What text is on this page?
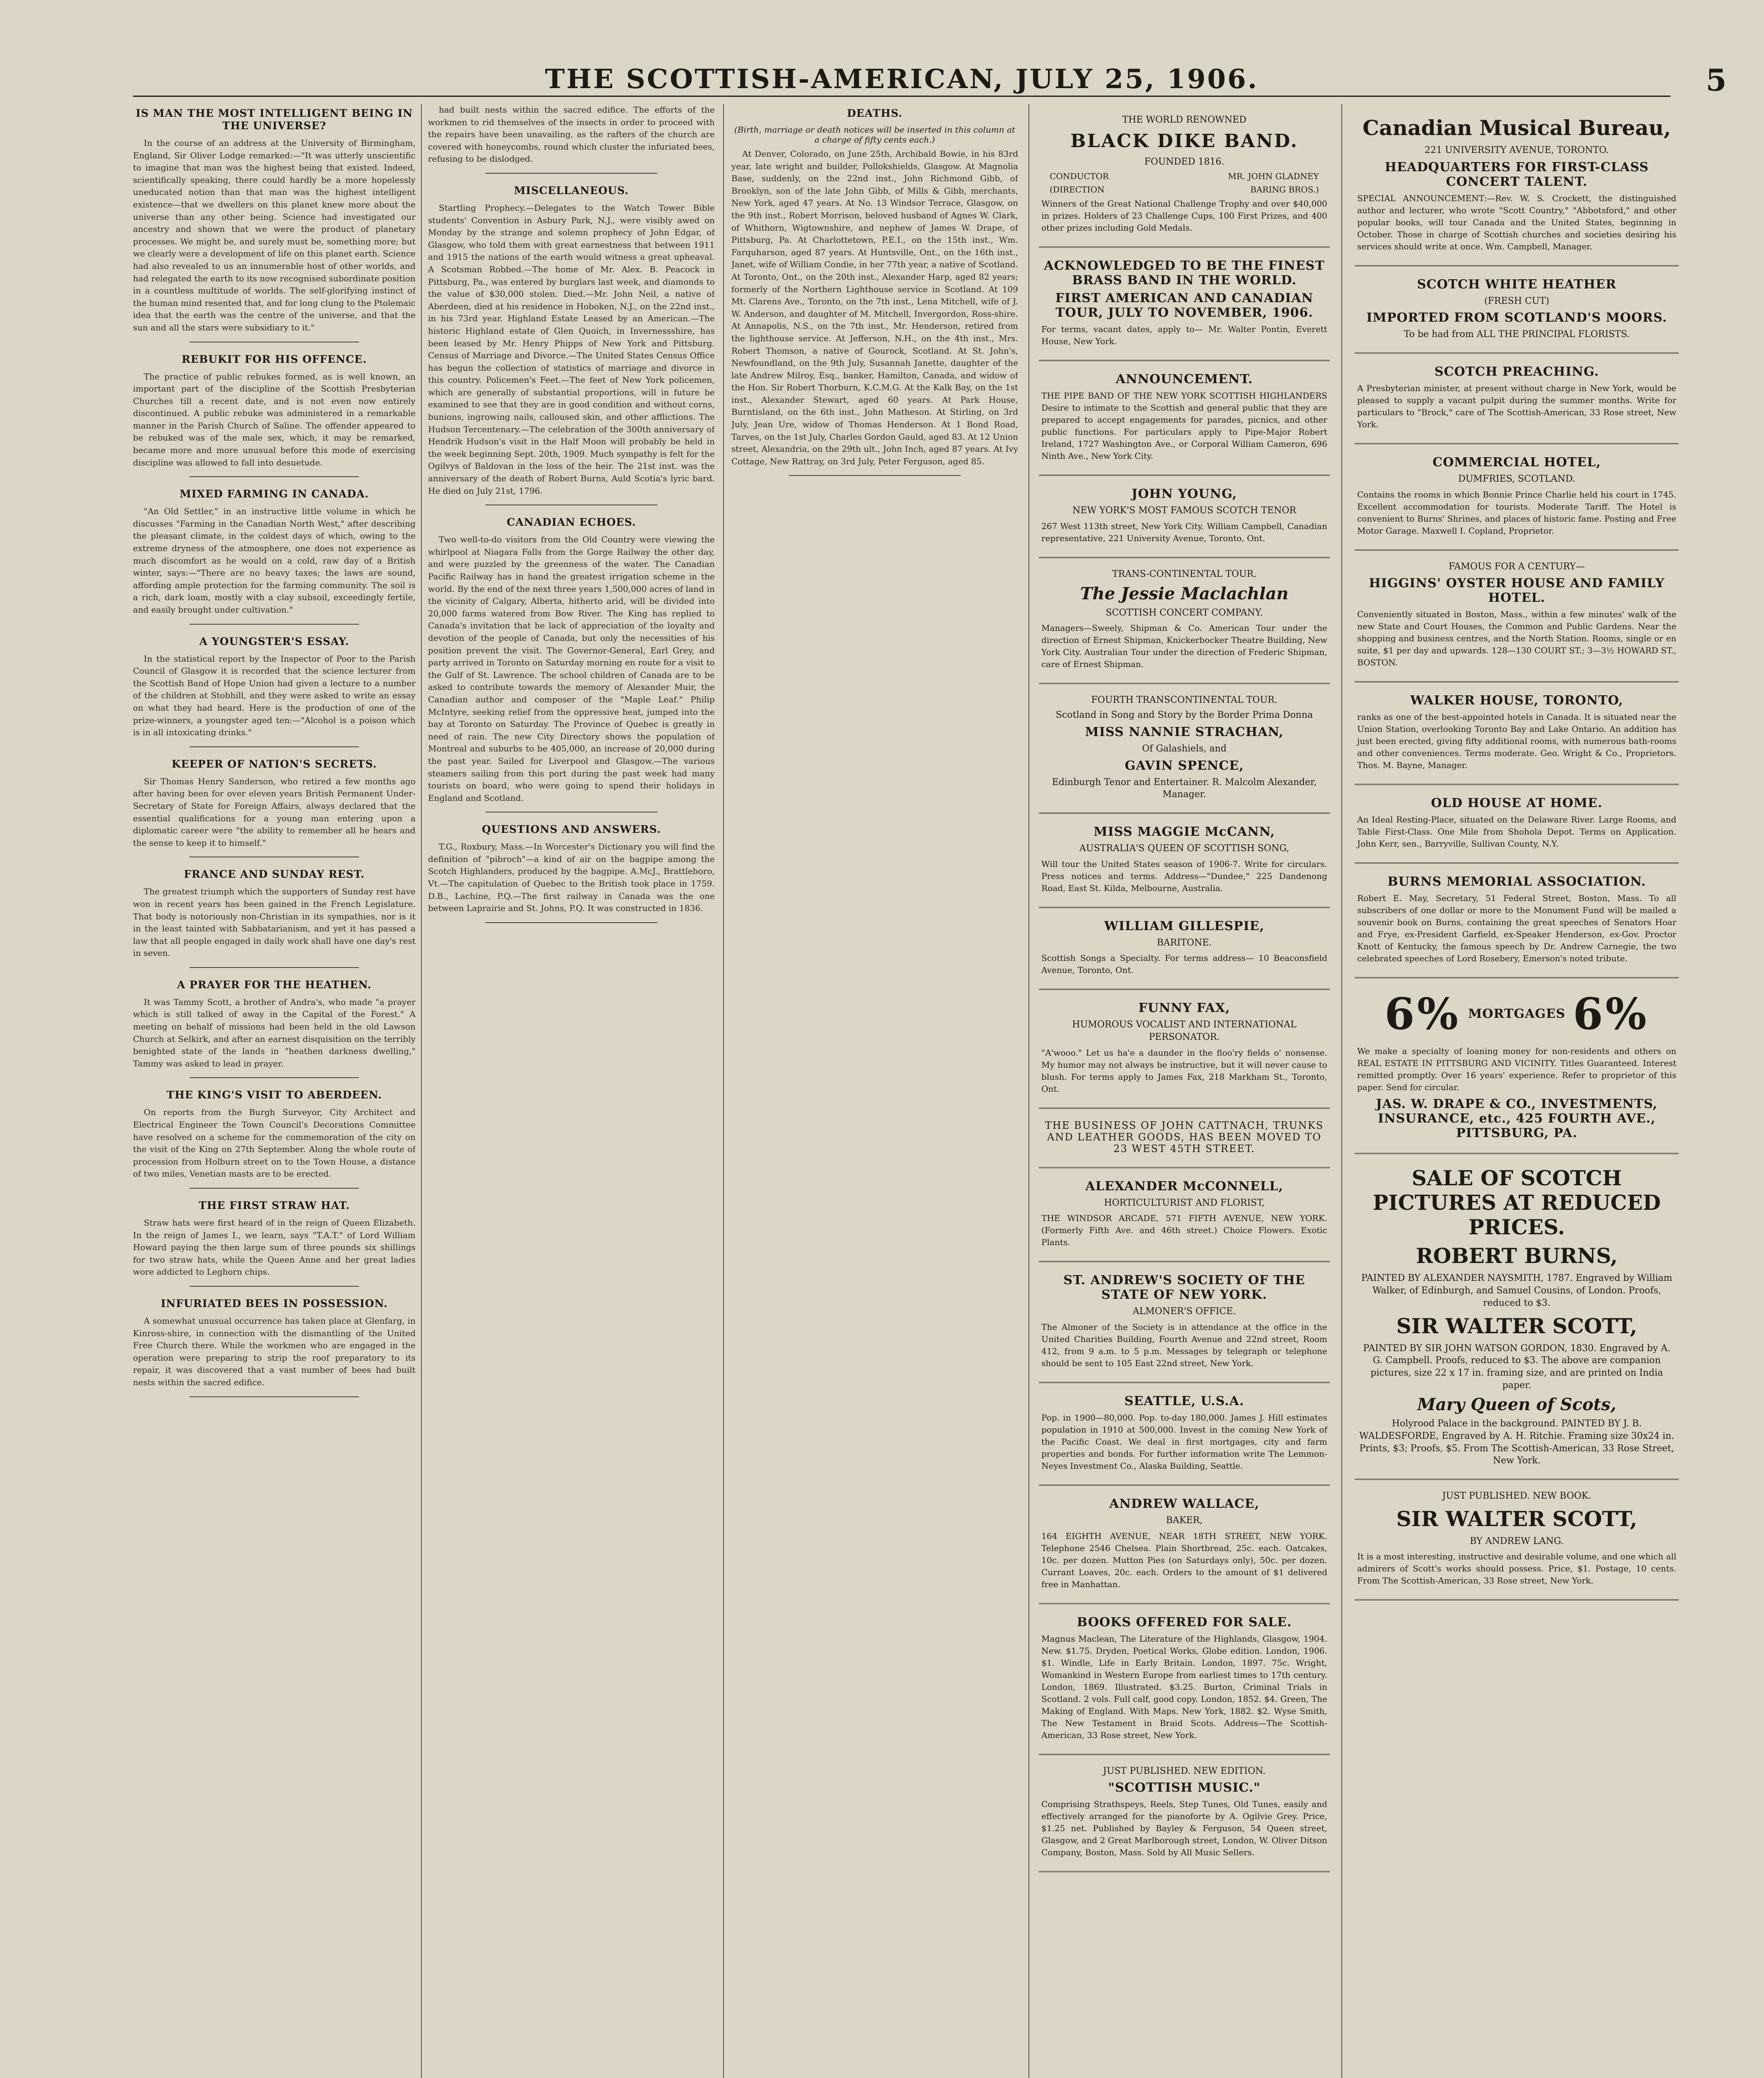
THE SCOTTISH-AMERICAN, JULY 25, 1906.	5
IS MAN THE MOST INTELLIGENT BEING IN THE UNIVERSE?

In the course of an address at the University of Birmingham, England, Sir Oliver Lodge remarked:—"It was utterly unscientific to imagine that man was the highest being that existed. Indeed, scientifically speaking, there could hardly be a more hopelessly uneducated notion than that man was the highest intelligent existence—that we dwellers on this planet knew more about the universe than any other being. Science had investigated our ancestry and shown that we were the product of planetary processes. We might be, and surely must be, something more; but we clearly were a development of life on this planet earth. Science had also revealed to us an innumerable host of other worlds, and had relegated the earth to its now recognised subordinate position in a countless multitude of worlds. The self-glorifying instinct of the human mind resented that, and for long clung to the Ptolemaic idea that the earth was the centre of the universe, and that the sun and all the stars were subsidiary to it."

REBUKIT FOR HIS OFFENCE.

The practice of public rebukes formed, as is well known, an important part of the discipline of the Scottish Presbyterian Churches till a recent date, and is not even now entirely discontinued. A public rebuke was administered in a remarkable manner in the Parish Church of Saline. The offender appeared to be rebuked was of the male sex, which, it may be remarked, became more and more unusual before this mode of exercising discipline was allowed to fall into desuetude.

MIXED FARMING IN CANADA.

"An Old Settler," in an instructive little volume in which he discusses "Farming in the Canadian North West," after describing the pleasant climate, in the coldest days of which, owing to the extreme dryness of the atmosphere, one does not experience as much discomfort as he would on a cold, raw day of a British winter, says:—"There are no heavy taxes; the laws are sound, affording ample protection for the farming community. The soil is a rich, dark loam, mostly with a clay subsoil, exceedingly fertile, and easily brought under cultivation."

A YOUNGSTER'S ESSAY.

In the statistical report by the Inspector of Poor to the Parish Council of Glasgow it is recorded that the science lecturer from the Scottish Band of Hope Union had given a lecture to a number of the children at Stobhill, and they were asked to write an essay on what they had heard. Here is the production of one of the prize-winners, a youngster aged ten:—"Alcohol is a poison which is in all intoxicating drinks."

KEEPER OF NATION'S SECRETS.

Sir Thomas Henry Sanderson, who retired a few months ago after having been for over eleven years British Permanent Under-Secretary of State for Foreign Affairs, always declared that the essential qualifications for a young man entering upon a diplomatic career were "the ability to remember all he hears and the sense to keep it to himself."

FRANCE AND SUNDAY REST.

The greatest triumph which the supporters of Sunday rest have won in recent years has been gained in the French Legislature. That body is notoriously non-Christian in its sympathies, nor is it in the least tainted with Sabbatarianism, and yet it has passed a law that all people engaged in daily work shall have one day's rest in seven.

A PRAYER FOR THE HEATHEN.

It was Tammy Scott, a brother of Andra's, who made "a prayer which is still talked of away in the Capital of the Forest." A meeting on behalf of missions had been held in the old Lawson Church at Selkirk, and after an earnest disquisition on the terribly benighted state of the lands in "heathen darkness dwelling," Tammy was asked to lead in prayer.

THE KING'S VISIT TO ABERDEEN.

On reports from the Burgh Surveyor, City Architect and Electrical Engineer the Town Council's Decorations Committee have resolved on a scheme for the commemoration of the city on the visit of the King on 27th September. Along the whole route of procession from Holburn street on to the Town House, a distance of two miles, Venetian masts are to be erected.

THE FIRST STRAW HAT.

Straw hats were first heard of in the reign of Queen Elizabeth. In the reign of James I., we learn, says "T.A.T." of Lord William Howard paying the then large sum of three pounds six shillings for two straw hats, while the Queen Anne and her great ladies wore addicted to Leghorn chips.

INFURIATED BEES IN POSSESSION.

A somewhat unusual occurrence has taken place at Glenfarg, in Kinross-shire, in connection with the dismantling of the United Free Church there. While the workmen who are engaged in the operation were preparing to strip the roof preparatory to its repair, it was discovered that a vast number of bees had built nests within the sacred edifice.

had built nests within the sacred edifice. The efforts of the workmen to rid themselves of the insects in order to proceed with the repairs have been unavailing, as the rafters of the church are covered with honeycombs, round which cluster the infuriated bees, refusing to be dislodged.

MISCELLANEOUS.

Startling Prophecy.—Delegates to the Watch Tower Bible students' Convention in Asbury Park, N.J., were visibly awed on Monday by the strange and solemn prophecy of John Edgar, of Glasgow, who told them with great earnestness that between 1911 and 1915 the nations of the earth would witness a great upheaval. A Scotsman Robbed.—The home of Mr. Alex. B. Peacock in Pittsburg, Pa., was entered by burglars last week, and diamonds to the value of $30,000 stolen. Died.—Mr. John Neil, a native of Aberdeen, died at his residence in Hoboken, N.J., on the 22nd inst., in his 73rd year. Highland Estate Leased by an American.—The historic Highland estate of Glen Quoich, in Invernessshire, has been leased by Mr. Henry Phipps of New York and Pittsburg. Census of Marriage and Divorce.—The United States Census Office has begun the collection of statistics of marriage and divorce in this country. Policemen's Feet.—The feet of New York policemen, which are generally of substantial proportions, will in future be examined to see that they are in good condition and without corns, bunions, ingrowing nails, calloused skin, and other afflictions. The Hudson Tercentenary.—The celebration of the 300th anniversary of Hendrik Hudson's visit in the Half Moon will probably be held in the week beginning Sept. 20th, 1909. Much sympathy is felt for the Ogilvys of Baldovan in the loss of the heir. The 21st inst. was the anniversary of the death of Robert Burns, Auld Scotia's lyric bard. He died on July 21st, 1796.

CANADIAN ECHOES.

Two well-to-do visitors from the Old Country were viewing the whirlpool at Niagara Falls from the Gorge Railway the other day, and were puzzled by the greenness of the water. The Canadian Pacific Railway has in hand the greatest irrigation scheme in the world. By the end of the next three years 1,500,000 acres of land in the vicinity of Calgary, Alberta, hitherto arid, will be divided into 20,000 farms watered from Bow River. The King has replied to Canada's invitation that he lack of appreciation of the loyalty and devotion of the people of Canada, but only the necessities of his position prevent the visit. The Governor-General, Earl Grey, and party arrived in Toronto on Saturday morning en route for a visit to the Gulf of St. Lawrence. The school children of Canada are to be asked to contribute towards the memory of Alexander Muir, the Canadian author and composer of the "Maple Leaf." Philip McIntyre, seeking relief from the oppressive heat, jumped into the bay at Toronto on Saturday. The Province of Quebec is greatly in need of rain. The new City Directory shows the population of Montreal and suburbs to be 405,000, an increase of 20,000 during the past year. Sailed for Liverpool and Glasgow.—The various steamers sailing from this port during the past week had many tourists on board, who were going to spend their holidays in England and Scotland.

QUESTIONS AND ANSWERS.

T.G., Roxbury, Mass.—In Worcester's Dictionary you will find the definition of "pibroch"—a kind of air on the bagpipe among the Scotch Highlanders, produced by the bagpipe. A.McJ., Brattleboro, Vt.—The capitulation of Quebec to the British took place in 1759. D.B., Lachine, P.Q.—The first railway in Canada was the one between Laprairie and St. Johns, P.Q. It was constructed in 1836.

DEATHS.
(Birth, marriage or death notices will be inserted in this column at a charge of fifty cents each.)

At Denver, Colorado, on June 25th, Archibald Bowie, in his 83rd year, late wright and builder, Pollokshields, Glasgow. At Magnolia Base, suddenly, on the 22nd inst., John Richmond Gibb, of Brooklyn, son of the late John Gibb, of Mills & Gibb, merchants, New York, aged 47 years. At No. 13 Windsor Terrace, Glasgow, on the 9th inst., Robert Morrison, beloved husband of Agnes W. Clark, of Whithorn, Wigtownshire, and nephew of James W. Drape, of Pittsburg, Pa. At Charlottetown, P.E.I., on the 15th inst., Wm. Farquharson, aged 87 years. At Huntsville, Ont., on the 16th inst., Janet, wife of William Condie, in her 77th year, a native of Scotland. At Toronto, Ont., on the 20th inst., Alexander Harp, aged 82 years; formerly of the Northern Lighthouse service in Scotland. At 109 Mt. Clarens Ave., Toronto, on the 7th inst., Lena Mitchell, wife of J. W. Anderson, and daughter of M. Mitchell, Invergordon, Ross-shire. At Annapolis, N.S., on the 7th inst., Mr. Henderson, retired from the lighthouse service. At Jefferson, N.H., on the 4th inst., Mrs. Robert Thomson, a native of Gourock, Scotland. At St. John's, Newfoundland, on the 9th July, Susannah Janette, daughter of the late Andrew Milroy, Esq., banker, Hamilton, Canada, and widow of the Hon. Sir Robert Thorburn, K.C.M.G. At the Kalk Bay, on the 1st inst., Alexander Stewart, aged 60 years. At Park House, Burntisland, on the 6th inst., John Matheson. At Stirling, on 3rd July, Jean Ure, widow of Thomas Henderson. At 1 Bond Road, Tarves, on the 1st July, Charles Gordon Gauld, aged 83. At 12 Union street, Alexandria, on the 29th ult., John Inch, aged 87 years. At Ivy Cottage, New Rattray, on 3rd July, Peter Ferguson, aged 85.

THE WORLD RENOWNED
BLACK DIKE BAND.
FOUNDED 1816.
CONDUCTOR	MR. JOHN GLADNEY
(DIRECTION	BARING BROS.)
Winners of the Great National Challenge Trophy and over $40,000 in prizes. Holders of 23 Challenge Cups, 100 First Prizes, and 400 other prizes including Gold Medals.
ACKNOWLEDGED TO BE THE FINEST BRASS BAND IN THE WORLD.
FIRST AMERICAN AND CANADIAN TOUR, JULY TO NOVEMBER, 1906.
For terms, vacant dates, apply to— Mr. Walter Pontin, Everett House, New York.
ANNOUNCEMENT.
THE PIPE BAND OF THE NEW YORK SCOTTISH HIGHLANDERS Desire to intimate to the Scottish and general public that they are prepared to accept engagements for parades, picnics, and other public functions. For particulars apply to Pipe-Major Robert Ireland, 1727 Washington Ave., or Corporal William Cameron, 696 Ninth Ave., New York City.
JOHN YOUNG,
NEW YORK'S MOST FAMOUS SCOTCH TENOR
267 West 113th street, New York City. William Campbell, Canadian representative, 221 University Avenue, Toronto, Ont.
TRANS-CONTINENTAL TOUR.
The Jessie Maclachlan
SCOTTISH CONCERT COMPANY.
Managers—Sweely, Shipman & Co. American Tour under the direction of Ernest Shipman, Knickerbocker Theatre Building, New York City. Australian Tour under the direction of Frederic Shipman, care of Ernest Shipman.
FOURTH TRANSCONTINENTAL TOUR.
Scotland in Song and Story by the Border Prima Donna
MISS NANNIE STRACHAN,
Of Galashiels, and
GAVIN SPENCE,
Edinburgh Tenor and Entertainer. R. Malcolm Alexander, Manager.
MISS MAGGIE McCANN,
AUSTRALIA'S QUEEN OF SCOTTISH SONG,
Will tour the United States season of 1906-7. Write for circulars. Press notices and terms. Address—"Dundee," 225 Dandenong Road, East St. Kilda, Melbourne, Australia.
WILLIAM GILLESPIE,
BARITONE.
Scottish Songs a Specialty. For terms address— 10 Beaconsfield Avenue, Toronto, Ont.
FUNNY FAX,
HUMOROUS VOCALIST AND INTERNATIONAL PERSONATOR.
"A'wooo." Let us ha'e a daunder in the floo'ry fields o' nonsense. My humor may not always be instructive, but it will never cause to blush. For terms apply to James Fax, 218 Markham St., Toronto, Ont.
THE BUSINESS OF JOHN CATTNACH, TRUNKS AND LEATHER GOODS, HAS BEEN MOVED TO 23 WEST 45TH STREET.
ALEXANDER McCONNELL,
HORTICULTURIST AND FLORIST,
THE WINDSOR ARCADE, 571 FIFTH AVENUE, NEW YORK. (Formerly Fifth Ave. and 46th street.) Choice Flowers. Exotic Plants.
ST. ANDREW'S SOCIETY OF THE STATE OF NEW YORK.
ALMONER'S OFFICE.
The Almoner of the Society is in attendance at the office in the United Charities Building, Fourth Avenue and 22nd street, Room 412, from 9 a.m. to 5 p.m. Messages by telegraph or telephone should be sent to 105 East 22nd street, New York.
SEATTLE, U.S.A.
Pop. in 1900—80,000. Pop. to-day 180,000. James J. Hill estimates population in 1910 at 500,000. Invest in the coming New York of the Pacific Coast. We deal in first mortgages, city and farm properties and bonds. For further information write The Lemmon-Neyes Investment Co., Alaska Building, Seattle.
ANDREW WALLACE,
BAKER,
164 EIGHTH AVENUE, NEAR 18TH STREET, NEW YORK. Telephone 2546 Chelsea. Plain Shortbread, 25c. each. Oatcakes, 10c. per dozen. Mutton Pies (on Saturdays only), 50c. per dozen. Currant Loaves, 20c. each. Orders to the amount of $1 delivered free in Manhattan.
BOOKS OFFERED FOR SALE.
Magnus Maclean, The Literature of the Highlands, Glasgow, 1904. New. $1.75. Dryden, Poetical Works, Globe edition. London, 1906. $1. Windle, Life in Early Britain. London, 1897. 75c. Wright, Womankind in Western Europe from earliest times to 17th century. London, 1869. Illustrated. $3.25. Burton, Criminal Trials in Scotland. 2 vols. Full calf, good copy. London, 1852. $4. Green, The Making of England. With Maps. New York, 1882. $2. Wyse Smith, The New Testament in Braid Scots. Address—The Scottish-American, 33 Rose street, New York.
JUST PUBLISHED. NEW EDITION.
"SCOTTISH MUSIC."
Comprising Strathspeys, Reels, Step Tunes, Old Tunes, easily and effectively arranged for the pianoforte by A. Ogilvie Grey. Price, $1.25 net. Published by Bayley & Ferguson, 54 Queen street, Glasgow, and 2 Great Marlborough street, London, W. Oliver Ditson Company, Boston, Mass. Sold by All Music Sellers.
Canadian Musical Bureau,
221 UNIVERSITY AVENUE, TORONTO.
HEADQUARTERS FOR FIRST-CLASS CONCERT TALENT.
SPECIAL ANNOUNCEMENT:—Rev. W. S. Crockett, the distinguished author and lecturer, who wrote "Scott Country," "Abbotsford," and other popular books, will tour Canada and the United States, beginning in October. Those in charge of Scottish churches and societies desiring his services should write at once. Wm. Campbell, Manager.
SCOTCH WHITE HEATHER
(FRESH CUT)
IMPORTED FROM SCOTLAND'S MOORS.
To be had from ALL THE PRINCIPAL FLORISTS.
SCOTCH PREACHING.
A Presbyterian minister, at present without charge in New York, would be pleased to supply a vacant pulpit during the summer months. Write for particulars to "Brock," care of The Scottish-American, 33 Rose street, New York.
COMMERCIAL HOTEL,
DUMFRIES, SCOTLAND.
Contains the rooms in which Bonnie Prince Charlie held his court in 1745. Excellent accommodation for tourists. Moderate Tariff. The Hotel is convenient to Burns' Shrines, and places of historic fame. Posting and Free Motor Garage. Maxwell I. Copland, Proprietor.
FAMOUS FOR A CENTURY—
HIGGINS' OYSTER HOUSE AND FAMILY HOTEL.
Conveniently situated in Boston, Mass., within a few minutes' walk of the new State and Court Houses, the Common and Public Gardens. Near the shopping and business centres, and the North Station. Rooms, single or en suite, $1 per day and upwards. 128—130 COURT ST.; 3—3½ HOWARD ST., BOSTON.
WALKER HOUSE, TORONTO,
ranks as one of the best-appointed hotels in Canada. It is situated near the Union Station, overlooking Toronto Bay and Lake Ontario. An addition has just been erected, giving fifty additional rooms, with numerous bath-rooms and other conveniences. Terms moderate. Geo. Wright & Co., Proprietors. Thos. M. Bayne, Manager.
OLD HOUSE AT HOME.
An Ideal Resting-Place, situated on the Delaware River. Large Rooms, and Table First-Class. One Mile from Shohola Depot. Terms on Application. John Kerr, sen., Barryville, Sullivan County, N.Y.
BURNS MEMORIAL ASSOCIATION.
Robert E. May, Secretary, 51 Federal Street, Boston, Mass. To all subscribers of one dollar or more to the Monument Fund will be mailed a souvenir book on Burns, containing the great speeches of Senators Hoar and Frye, ex-President Garfield, ex-Speaker Henderson, ex-Gov. Proctor Knott of Kentucky, the famous speech by Dr. Andrew Carnegie, the two celebrated speeches of Lord Rosebery, Emerson's noted tribute.
6% MORTGAGES 6%
We make a specialty of loaning money for non-residents and others on REAL ESTATE IN PITTSBURG AND VICINITY. Titles Guaranteed. Interest remitted promptly. Over 16 years' experience. Refer to proprietor of this paper. Send for circular.
JAS. W. DRAPE & CO., INVESTMENTS, INSURANCE, etc., 425 FOURTH AVE., PITTSBURG, PA.
SALE OF SCOTCH PICTURES AT REDUCED PRICES.
ROBERT BURNS,
PAINTED BY ALEXANDER NAYSMITH, 1787. Engraved by William Walker, of Edinburgh, and Samuel Cousins, of London. Proofs, reduced to $3.
SIR WALTER SCOTT,
PAINTED BY SIR JOHN WATSON GORDON, 1830. Engraved by A. G. Campbell. Proofs, reduced to $3. The above are companion pictures, size 22 x 17 in. framing size, and are printed on India paper.
Mary Queen of Scots,
Holyrood Palace in the background. PAINTED BY J. B. WALDESFORDE, Engraved by A. H. Ritchie. Framing size 30x24 in. Prints, $3; Proofs, $5. From The Scottish-American, 33 Rose Street, New York.
JUST PUBLISHED. NEW BOOK.
SIR WALTER SCOTT,
BY ANDREW LANG.
It is a most interesting, instructive and desirable volume, and one which all admirers of Scott's works should possess. Price, $1. Postage, 10 cents. From The Scottish-American, 33 Rose street, New York.
